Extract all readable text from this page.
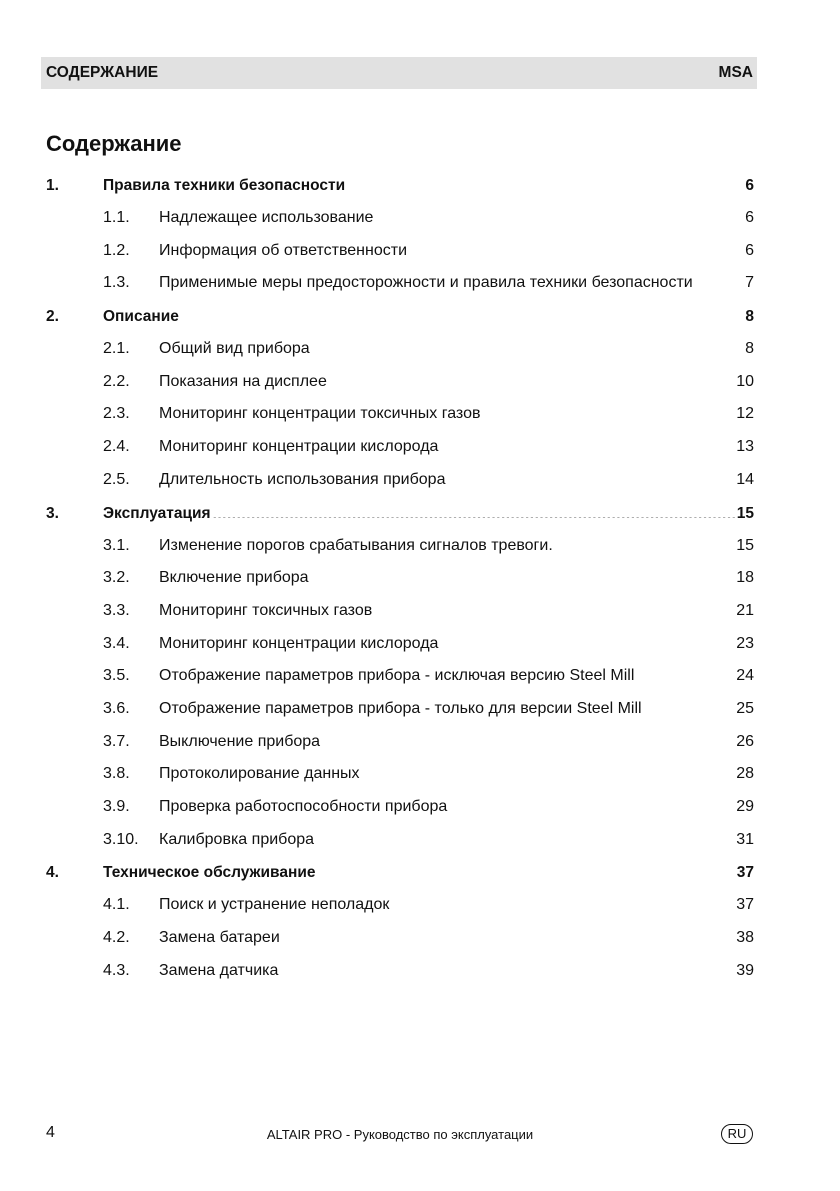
СОДЕРЖАНИЕ	MSA
Содержание
1.	Правила техники безопасности .....	6
1.1.	Надлежащее использование .....	6
1.2.	Информация об ответственности .....	6
1.3.	Применимые меры предосторожности и правила техники безопасности .....	7
2.	Описание .....	8
2.1.	Общий вид прибора .....	8
2.2.	Показания на дисплее .....	10
2.3.	Мониторинг концентрации токсичных газов .....	12
2.4.	Мониторинг концентрации кислорода .....	13
2.5.	Длительность использования прибора .....	14
3.	Эксплуатация .....	15
3.1.	Изменение порогов срабатывания сигналов тревоги. .....	15
3.2.	Включение прибора .....	18
3.3.	Мониторинг токсичных газов .....	21
3.4.	Мониторинг концентрации кислорода .....	23
3.5.	Отображение параметров прибора - исключая версию Steel Mill .....	24
3.6.	Отображение параметров прибора - только для версии Steel Mill .....	25
3.7.	Выключение прибора .....	26
3.8.	Протоколирование данных .....	28
3.9.	Проверка работоспособности прибора .....	29
3.10.	Калибровка прибора .....	31
4.	Техническое обслуживание .....	37
4.1.	Поиск и устранение неполадок .....	37
4.2.	Замена батареи .....	38
4.3.	Замена датчика .....	39
4	ALTAIR PRO - Руководство по эксплуатации	RU
